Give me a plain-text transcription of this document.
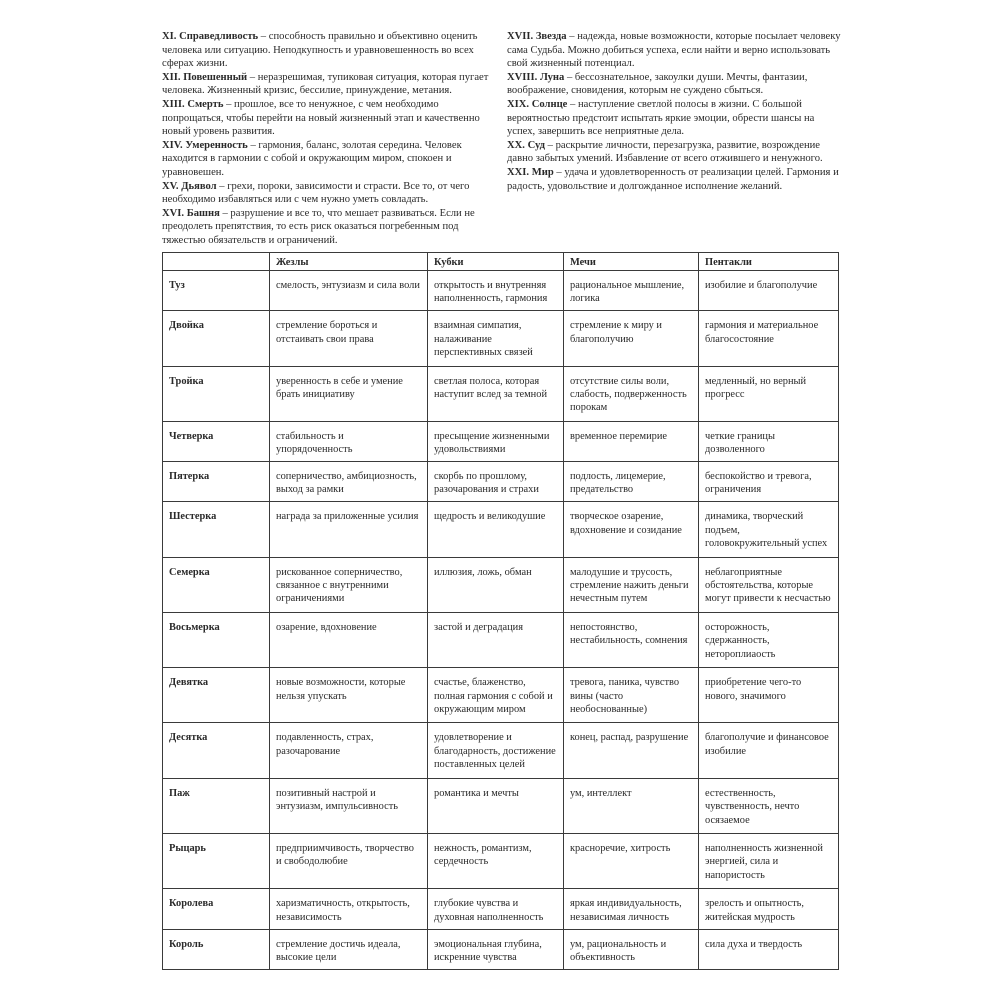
XI. Справедливость – способность правильно и объективно оценить человека или ситуацию. Неподкупность и уравновешенность во всех сферах жизни.

XII. Повешенный – неразрешимая, тупиковая ситуация, которая пугает человека. Жизненный кризис, бессилие, принуждение, метания.

XIII. Смерть – прошлое, все то ненужное, с чем необходимо попрощаться, чтобы перейти на новый жизненный этап и качественно новый уровень развития.

XIV. Умеренность – гармония, баланс, золотая середина. Человек находится в гармонии с собой и окружающим миром, спокоен и уравновешен.

XV. Дьявол – грехи, пороки, зависимости и страсти. Все то, от чего необходимо избавляться или с чем нужно уметь совладать.

XVI. Башня – разрушение и все то, что мешает развиваться. Если не преодолеть препятствия, то есть риск оказаться погребенным под тяжестью обязательств и ограничений.

XVII. Звезда – надежда, новые возможности, которые посылает человеку сама Судьба. Можно добиться успеха, если найти и верно использовать свой жизненный потенциал.

XVIII. Луна – бессознательное, закоулки души. Мечты, фантазии, воображение, сновидения, которым не суждено сбыться.

XIX. Солнце – наступление светлой полосы в жизни. С большой вероятностью предстоит испытать яркие эмоции, обрести шансы на успех, завершить все неприятные дела.

XX. Суд – раскрытие личности, перезагрузка, развитие, возрождение давно забытых умений. Избавление от всего отжившего и ненужного.

XXI. Мир – удача и удовлетворенность от реализации целей. Гармония и радость, удовольствие и долгожданное исполнение желаний.

	Жезлы	Кубки	Мечи	Пентакли
Туз	смелость, энтузиазм и сила воли	открытость и внутренняя наполненность, гармония	рациональное мышление, логика	изобилие и благополучие
Двойка	стремление бороться и отстаивать свои права	взаимная симпатия, налаживание перспективных связей	стремление к миру и благополучию	гармония и материальное благосостояние
Тройка	уверенность в себе и умение брать инициативу	светлая полоса, которая наступит вслед за темной	отсутствие силы воли, слабость, подверженность порокам	медленный, но верный прогресс
Четверка	стабильность и упорядоченность	пресыщение жизненными удовольствиями	временное перемирие	четкие границы дозволенного
Пятерка	соперничество, амбициозность, выход за рамки	скорбь по прошлому, разочарования и страхи	подлость, лицемерие, предательство	беспокойство и тревога, ограничения
Шестерка	награда за приложенные усилия	щедрость и великодушие	творческое озарение, вдохновение и созидание	динамика, творческий подъем, головокружительный успех
Семерка	рискованное соперничество, связанное с внутренними ограничениями	иллюзия, ложь, обман	малодушие и трусость, стремление нажить деньги нечестным путем	неблагоприятные обстоятельства, которые могут привести к несчастью
Восьмерка	озарение, вдохновение	застой и деградация	непостоянство, нестабильность, сомнения	осторожность, сдержанность, нетороплиаость
Девятка	новые возможности, которые нельзя упускать	счастье, блаженство, полная гармония с собой и окружающим миром	тревога, паника, чувство вины (часто необоснованные)	приобретение чего-то нового, значимого
Десятка	подавленность, страх, разочарование	удовлетворение и благодарность, достижение поставленных целей	конец, распад, разрушение	благополучие и финансовое изобилие
Паж	позитивный настрой и энтузиазм, импульсивность	романтика и мечты	ум, интеллект	естественность, чувственность, нечто осязаемое
Рыцарь	предприимчивость, творчество и свободолюбие	нежность, романтизм, сердечность	красноречие, хитрость	наполненность жизненной энергией, сила и напористость
Королева	харизматичность, открытость, независимость	глубокие чувства и духовная наполненность	яркая индивидуальность, независимая личность	зрелость и опытность, житейская мудрость
Король	стремление достичь идеала, высокие цели	эмоциональная глубина, искренние чувства	ум, рациональность и объективность	сила духа и твердость
